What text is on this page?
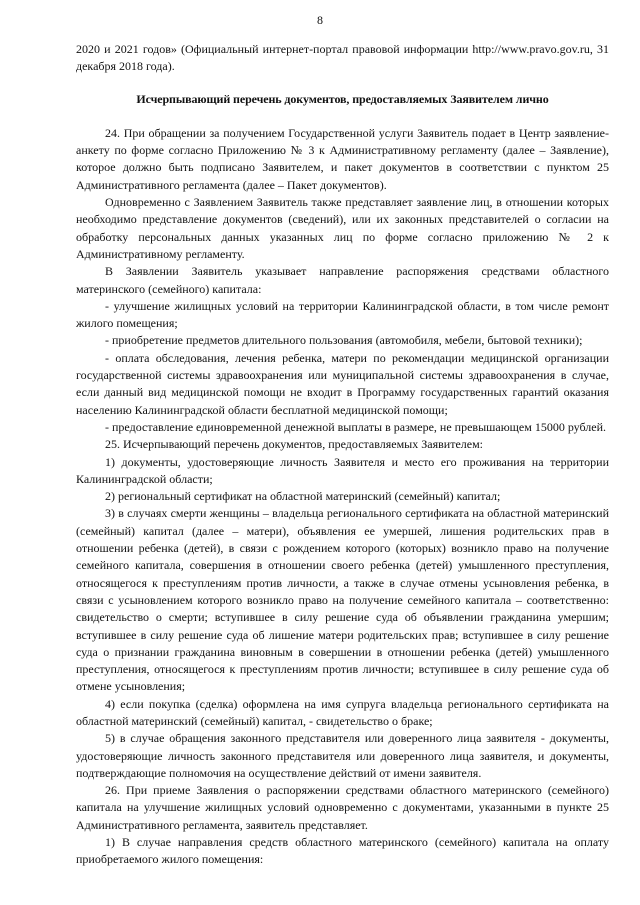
8

2020 и 2021 годов» (Официальный интернет-портал правовой информации http://www.pravo.gov.ru, 31 декабря 2018 года).

Исчерпывающий перечень документов, предоставляемых Заявителем лично

24. При обращении за получением Государственной услуги Заявитель подает в Центр заявление-анкету по форме согласно Приложению № 3 к Административному регламенту (далее – Заявление), которое должно быть подписано Заявителем, и пакет документов в соответствии с пунктом 25 Административного регламента (далее – Пакет документов).

Одновременно с Заявлением Заявитель также представляет заявление лиц, в отношении которых необходимо представление документов (сведений), или их законных представителей о согласии на обработку персональных данных указанных лиц по форме согласно приложению № 2 к Административному регламенту.

В Заявлении Заявитель указывает направление распоряжения средствами областного материнского (семейного) капитала:

- улучшение жилищных условий на территории Калининградской области, в том числе ремонт жилого помещения;

- приобретение предметов длительного пользования (автомобиля, мебели, бытовой техники);

- оплата обследования, лечения ребенка, матери по рекомендации медицинской организации государственной системы здравоохранения или муниципальной системы здравоохранения в случае, если данный вид медицинской помощи не входит в Программу государственных гарантий оказания населению Калининградской области бесплатной медицинской помощи;

- предоставление единовременной денежной выплаты в размере, не превышающем 15000 рублей.

25. Исчерпывающий перечень документов, предоставляемых Заявителем:

1) документы, удостоверяющие личность Заявителя и место его проживания на территории Калининградской области;

2) региональный сертификат на областной материнский (семейный) капитал;

3) в случаях смерти женщины – владельца регионального сертификата на областной материнский (семейный) капитал (далее – матери), объявления ее умершей, лишения родительских прав в отношении ребенка (детей), в связи с рождением которого (которых) возникло право на получение семейного капитала, совершения в отношении своего ребенка (детей) умышленного преступления, относящегося к преступлениям против личности, а также в случае отмены усыновления ребенка, в связи с усыновлением которого возникло право на получение семейного капитала – соответственно: свидетельство о смерти; вступившее в силу решение суда об объявлении гражданина умершим; вступившее в силу решение суда об лишение матери родительских прав; вступившее в силу решение суда о признании гражданина виновным в совершении в отношении ребенка (детей) умышленного преступления, относящегося к преступлениям против личности; вступившее в силу решение суда об отмене усыновления;

4) если покупка (сделка) оформлена на имя супруга владельца регионального сертификата на областной материнский (семейный) капитал, - свидетельство о браке;

5) в случае обращения законного представителя или доверенного лица заявителя - документы, удостоверяющие личность законного представителя или доверенного лица заявителя, и документы, подтверждающие полномочия на осуществление действий от имени заявителя.

26. При приеме Заявления о распоряжении средствами областного материнского (семейного) капитала на улучшение жилищных условий одновременно с документами, указанными в пункте 25 Административного регламента, заявитель представляет.

1) В случае направления средств областного материнского (семейного) капитала на оплату приобретаемого жилого помещения:
